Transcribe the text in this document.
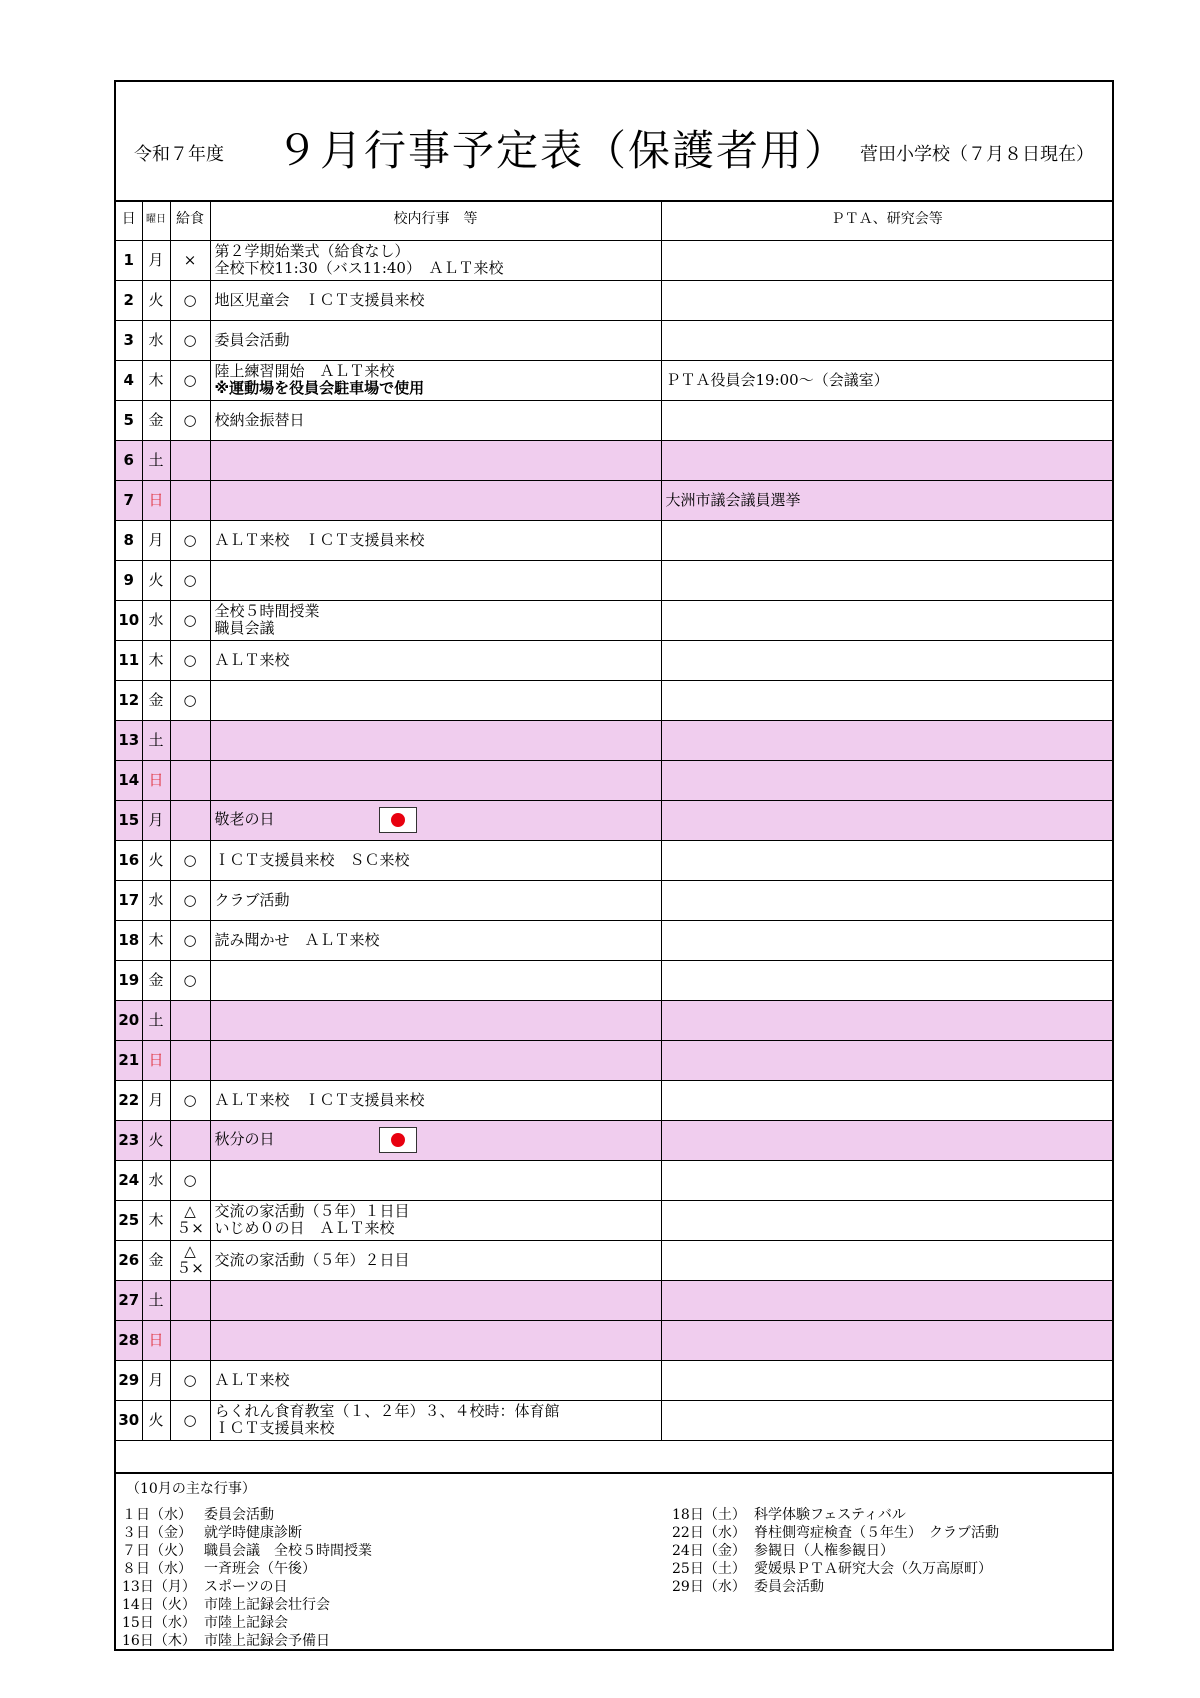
令和７年度 ９月行事予定表（保護者用） 菅田小学校（７月８日現在）
日	曜日	給食	校内行事　等	ＰＴＡ、研究会等
1	月	×	第２学期始業式（給食なし）
全校下校11:30（バス11:40）　ＡＬＴ来校	

2	火	○	地区児童会　ＩＣＴ支援員来校	

3	水	○	委員会活動	

4	木	○	陸上練習開始　ＡＬＴ来校
※運動場を役員会駐車場で使用	ＰＴＡ役員会19:00～（会議室）
5	金	○	校納金振替日	

6	土			
7	日			大洲市議会議員選挙
8	月	○	ＡＬＴ来校　ＩＣＴ支援員来校	

9	火	○		
10	水	○	全校５時間授業
職員会議	

11	木	○	ＡＬＴ来校	

12	金	○		
13	土			
14	日			
15	月		敬老の日	
16	火	○	ＩＣＴ支援員来校　ＳＣ来校	

17	水	○	クラブ活動	

18	木	○	読み聞かせ　ＡＬＴ来校	

19	金	○		
20	土			
21	日			
22	月	○	ＡＬＴ来校　ＩＣＴ支援員来校	

23	火		秋分の日	
24	水	○		
25	木	△
５×	交流の家活動（５年）１日目
いじめ０の日　ＡＬＴ来校	

26	金	△
５×	交流の家活動（５年）２日目	

27	土			
28	日			
29	月	○	ＡＬＴ来校	

30	火	○	らくれん食育教室（１、２年）３、４校時：体育館
ＩＣＴ支援員来校	

（10月の主な行事）
１日（水） 委員会活動
３日（金） 就学時健康診断
７日（火） 職員会議　全校５時間授業
８日（水） 一斉班会（午後）
13日（月） スポーツの日
14日（火） 市陸上記録会壮行会
15日（水） 市陸上記録会
16日（木） 市陸上記録会予備日
18日（土） 科学体験フェスティバル
22日（水） 脊柱側弯症検査（５年生）　クラブ活動
24日（金） 参観日（人権参観日）
25日（土） 愛媛県ＰＴＡ研究大会（久万高原町）
29日（水） 委員会活動
